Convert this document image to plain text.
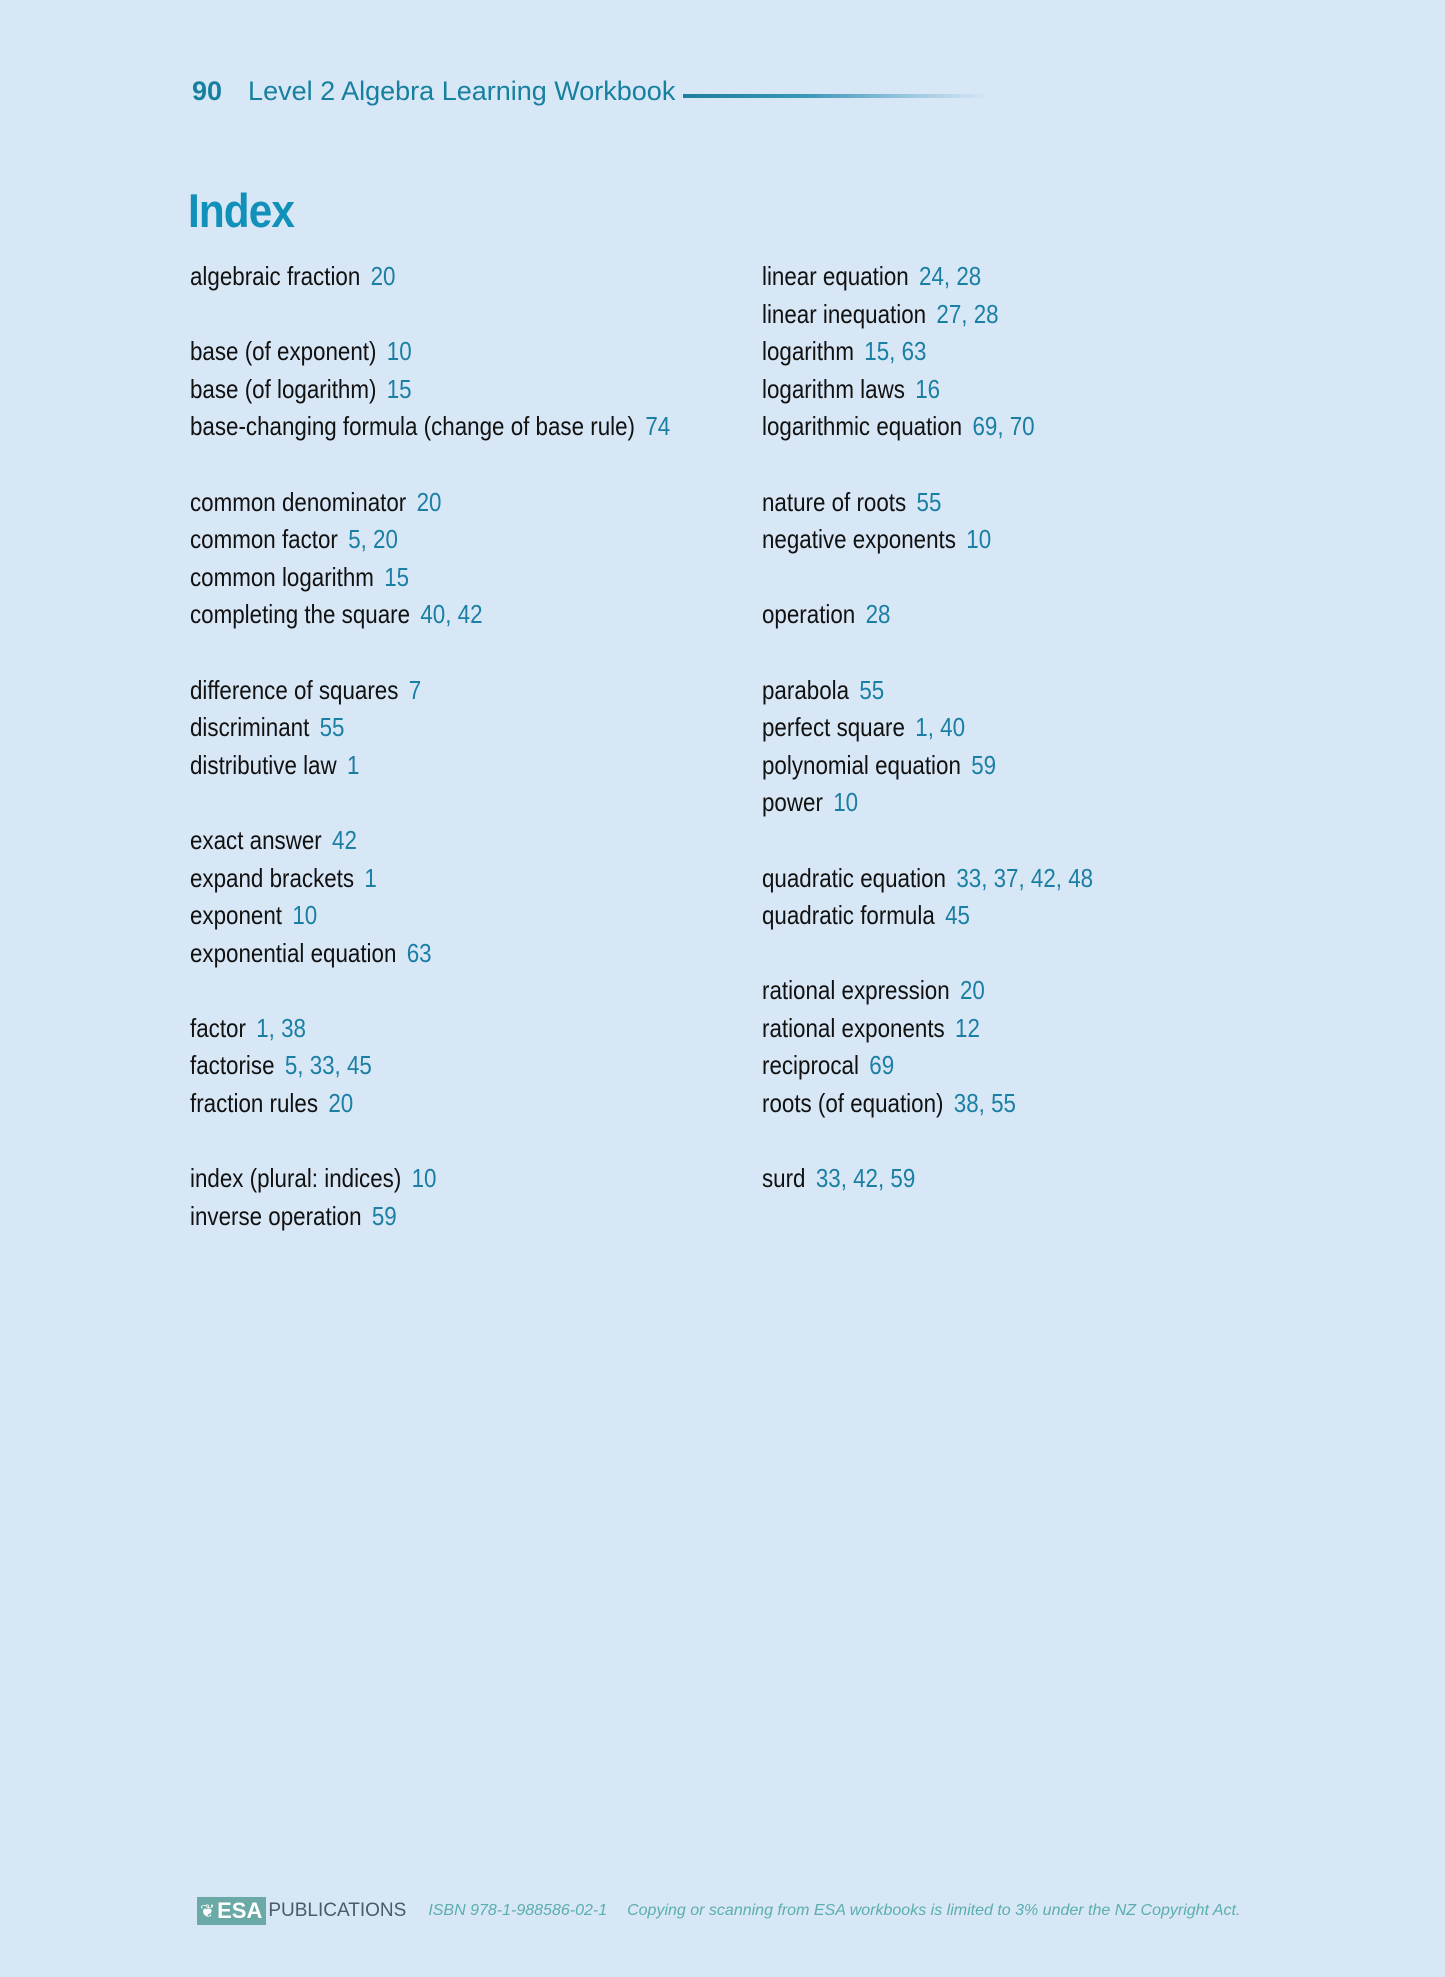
90 Level 2 Algebra Learning Workbook
Index
algebraic fraction 20
base (of exponent) 10
base (of logarithm) 15
base-changing formula (change of base rule) 74
common denominator 20
common factor 5, 20
common logarithm 15
completing the square 40, 42
difference of squares 7
discriminant 55
distributive law 1
exact answer 42
expand brackets 1
exponent 10
exponential equation 63
factor 1, 38
factorise 5, 33, 45
fraction rules 20
index (plural: indices) 10
inverse operation 59
linear equation 24, 28
linear inequation 27, 28
logarithm 15, 63
logarithm laws 16
logarithmic equation 69, 70
nature of roots 55
negative exponents 10
operation 28
parabola 55
perfect square 1, 40
polynomial equation 59
power 10
quadratic equation 33, 37, 42, 48
quadratic formula 45
rational expression 20
rational exponents 12
reciprocal 69
roots (of equation) 38, 55
surd 33, 42, 59
❦ ESA PUBLICATIONS ISBN 978-1-988586-02-1 Copying or scanning from ESA workbooks is limited to 3% under the NZ Copyright Act.
